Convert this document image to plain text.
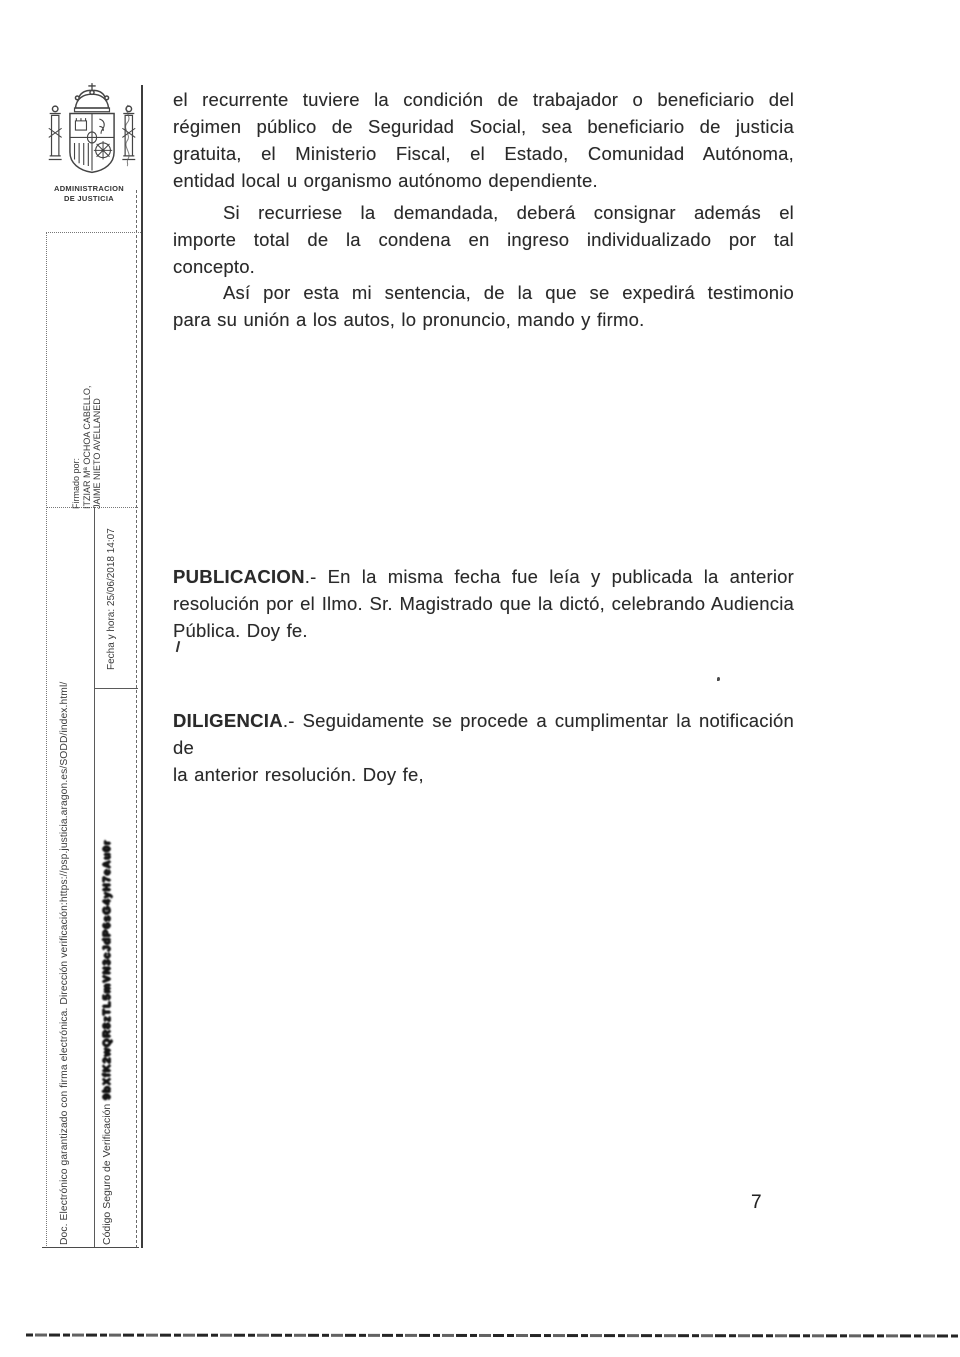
ADMINISTRACION
DE JUSTICIA
Firmado por: ITZIAR Mª OCHOA CABELLO, JAIME NIETO AVELLANED
Fecha y hora: 25/06/2018 14:07
Doc. Electrónico garantizado con firma electrónica. Dirección verificación:https://psp.justicia.aragon.es/SODD/index.html/	Código Seguro de Verificación9bXfK2wQR8zTL5mVN3cJdP6sG4yH7eAu0r
el recurrente tuviere la condición de trabajador o beneficiario del
régimen público de Seguridad Social, sea beneficiario de justicia
gratuita, el Ministerio Fiscal, el Estado, Comunidad Autónoma,
entidad local u organismo autónomo dependiente.
Si recurriese la demandada, deberá consignar además el
importe total de la condena en ingreso individualizado por tal
concepto.
Así por esta mi sentencia, de la que se expedirá testimonio
para su unión a los autos, lo pronuncio, mando y firmo.
PUBLICACION.- En la misma fecha fue leía y publicada la anterior
resolución por el Ilmo. Sr. Magistrado que la dictó, celebrando Audiencia
Pública. Doy fe.
DILIGENCIA.- Seguidamente se procede a cumplimentar la notificación de
la anterior resolución. Doy fe,
7
